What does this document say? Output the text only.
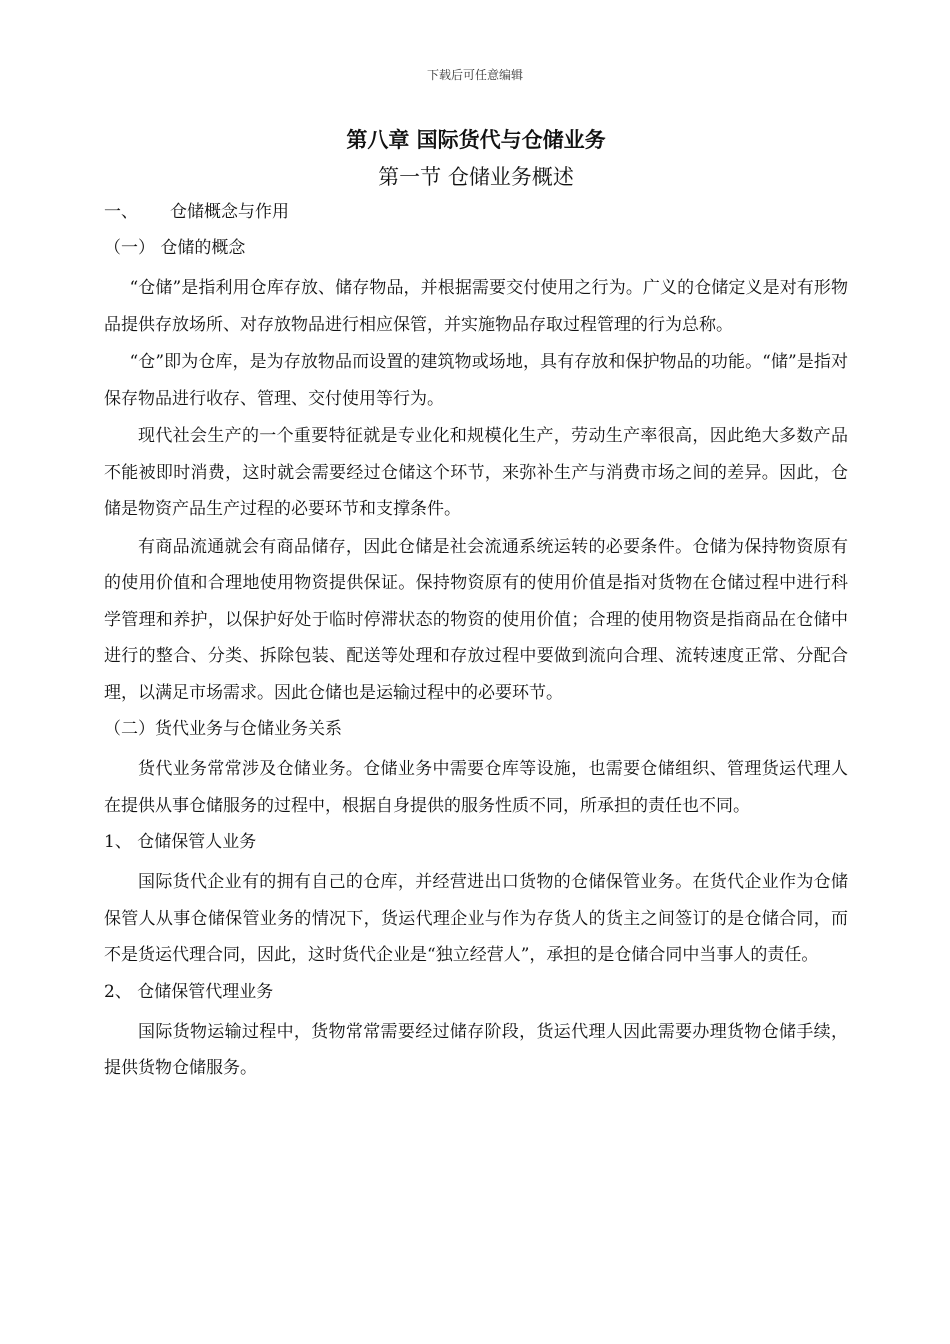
下载后可任意编辑

第八章 国际货代与仓储业务

第一节 仓储业务概述

一、 仓储概念与作用

（一） 仓储的概念

“仓储”是指利用仓库存放、储存物品，并根据需要交付使用之行为。广义的仓储定义是对有形物品提供存放场所、对存放物品进行相应保管，并实施物品存取过程管理的行为总称。

“仓”即为仓库，是为存放物品而设置的建筑物或场地，具有存放和保护物品的功能。“储”是指对保存物品进行收存、管理、交付使用等行为。

现代社会生产的一个重要特征就是专业化和规模化生产，劳动生产率很高，因此绝大多数产品不能被即时消费，这时就会需要经过仓储这个环节，来弥补生产与消费市场之间的差异。因此，仓储是物资产品生产过程的必要环节和支撑条件。

有商品流通就会有商品储存，因此仓储是社会流通系统运转的必要条件。仓储为保持物资原有的使用价值和合理地使用物资提供保证。保持物资原有的使用价值是指对货物在仓储过程中进行科学管理和养护，以保护好处于临时停滞状态的物资的使用价值；合理的使用物资是指商品在仓储中进行的整合、分类、拆除包装、配送等处理和存放过程中要做到流向合理、流转速度正常、分配合理，以满足市场需求。因此仓储也是运输过程中的必要环节。

（二）货代业务与仓储业务关系

货代业务常常涉及仓储业务。仓储业务中需要仓库等设施，也需要仓储组织、管理货运代理人在提供从事仓储服务的过程中，根据自身提供的服务性质不同，所承担的责任也不同。

1、 仓储保管人业务

国际货代企业有的拥有自己的仓库，并经营进出口货物的仓储保管业务。在货代企业作为仓储保管人从事仓储保管业务的情况下，货运代理企业与作为存货人的货主之间签订的是仓储合同，而不是货运代理合同，因此，这时货代企业是“独立经营人”，承担的是仓储合同中当事人的责任。

2、 仓储保管代理业务

国际货物运输过程中，货物常常需要经过储存阶段，货运代理人因此需要办理货物仓储手续，提供货物仓储服务。
